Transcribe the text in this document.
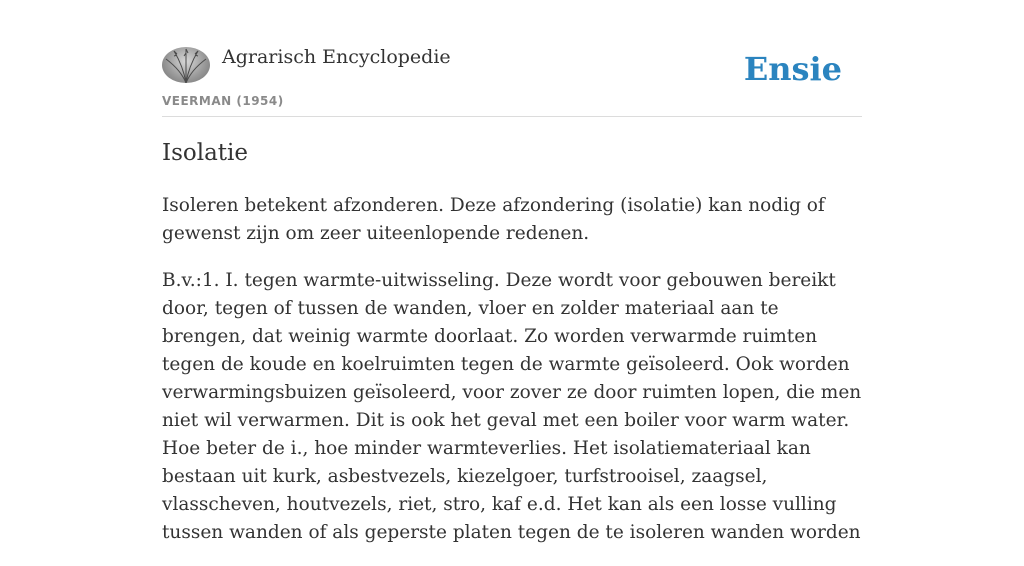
Agrarisch Encyclopedie
VEERMAN (1954)
Ensie
Isolatie

Isoleren betekent afzonderen. Deze afzondering (isolatie) kan nodig of gewenst zijn om zeer uiteenlopende redenen.

B.v.:1. I. tegen warmte-uitwisseling. Deze wordt voor gebouwen bereikt door, tegen of tussen de wanden, vloer en zolder materiaal aan te brengen, dat weinig warmte doorlaat. Zo worden verwarmde ruimten tegen de koude en koelruimten tegen de warmte geïsoleerd. Ook worden verwarmingsbuizen geïsoleerd, voor zover ze door ruimten lopen, die men niet wil verwarmen. Dit is ook het geval met een boiler voor warm water. Hoe beter de i., hoe minder warmteverlies. Het isolatiemateriaal kan bestaan uit kurk, asbestvezels, kiezelgoer, turfstrooisel, zaagsel, vlasscheven, houtvezels, riet, stro, kaf e.d. Het kan als een losse vulling tussen wanden of als geperste platen tegen de te isoleren wanden worden
